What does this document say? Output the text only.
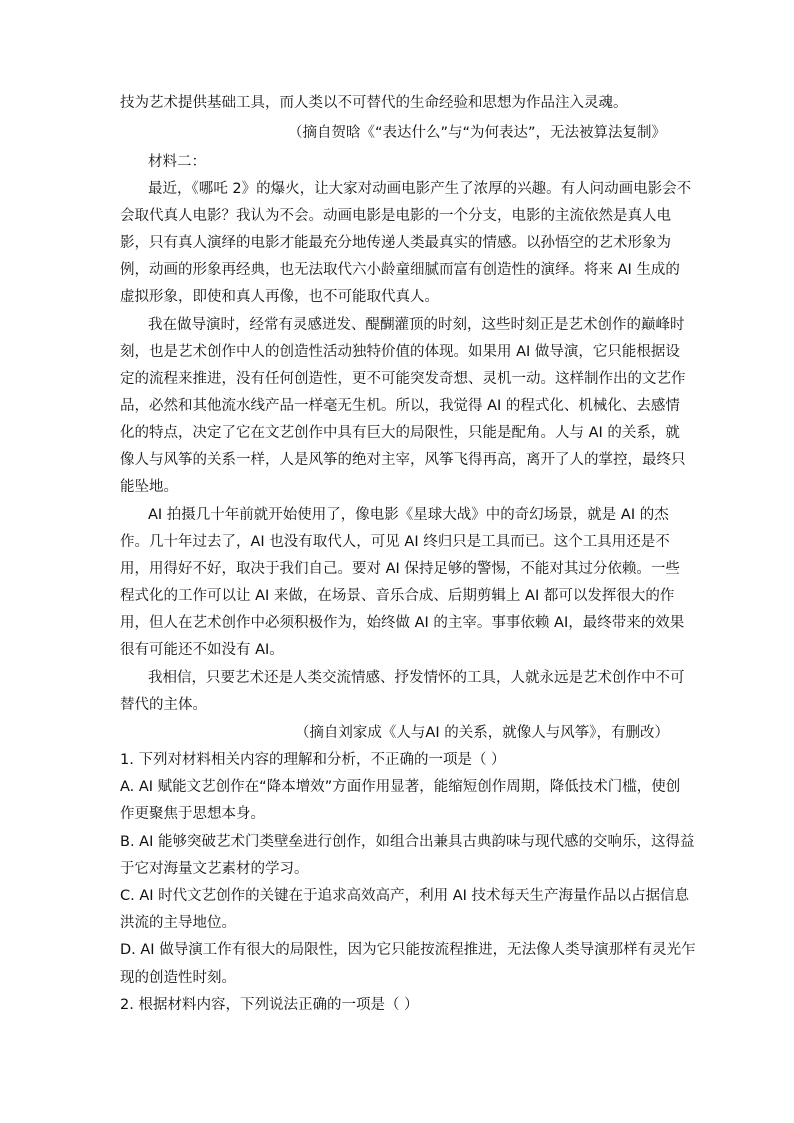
技为艺术提供基础工具，而人类以不可替代的生命经验和思想为作品注入灵魂。
（摘自贺晗《“表达什么”与“为何表达”，无法被算法复制》
材料二：
最近，《哪吒 2》的爆火，让大家对动画电影产生了浓厚的兴趣。有人问动画电影会不
会取代真人电影？我认为不会。动画电影是电影的一个分支，电影的主流依然是真人电
影，只有真人演绎的电影才能最充分地传递人类最真实的情感。以孙悟空的艺术形象为
例，动画的形象再经典，也无法取代六小龄童细腻而富有创造性的演绎。将来 AI 生成的
虚拟形象，即使和真人再像，也不可能取代真人。
我在做导演时，经常有灵感迸发、醍醐灌顶的时刻，这些时刻正是艺术创作的巅峰时
刻，也是艺术创作中人的创造性活动独特价值的体现。如果用 AI 做导演，它只能根据设
定的流程来推进，没有任何创造性，更不可能突发奇想、灵机一动。这样制作出的文艺作
品，必然和其他流水线产品一样毫无生机。所以，我觉得 AI 的程式化、机械化、去感情
化的特点，决定了它在文艺创作中具有巨大的局限性，只能是配角。人与 AI 的关系，就
像人与风筝的关系一样，人是风筝的绝对主宰，风筝飞得再高，离开了人的掌控，最终只
能坠地。
AI 拍摄几十年前就开始使用了，像电影《星球大战》中的奇幻场景，就是 AI 的杰
作。几十年过去了，AI 也没有取代人，可见 AI 终归只是工具而已。这个工具用还是不
用，用得好不好，取决于我们自己。要对 AI 保持足够的警惕，不能对其过分依赖。一些
程式化的工作可以让 AI 来做，在场景、音乐合成、后期剪辑上 AI 都可以发挥很大的作
用，但人在艺术创作中必须积极作为，始终做 AI 的主宰。事事依赖 AI，最终带来的效果
很有可能还不如没有 AI。
我相信，只要艺术还是人类交流情感、抒发情怀的工具，人就永远是艺术创作中不可
替代的主体。
（摘自刘家成《人与AI 的关系，就像人与风筝》，有删改）
1. 下列对材料相关内容的理解和分析，不正确的一项是（ ）
A. AI 赋能文艺创作在“降本增效”方面作用显著，能缩短创作周期，降低技术门槛，使创
作更聚焦于思想本身。
B. AI 能够突破艺术门类壁垒进行创作，如组合出兼具古典韵味与现代感的交响乐，这得益
于它对海量文艺素材的学习。
C. AI 时代文艺创作的关键在于追求高效高产，利用 AI 技术每天生产海量作品以占据信息
洪流的主导地位。
D. AI 做导演工作有很大的局限性，因为它只能按流程推进，无法像人类导演那样有灵光乍
现的创造性时刻。
2. 根据材料内容，下列说法正确的一项是（ ）
